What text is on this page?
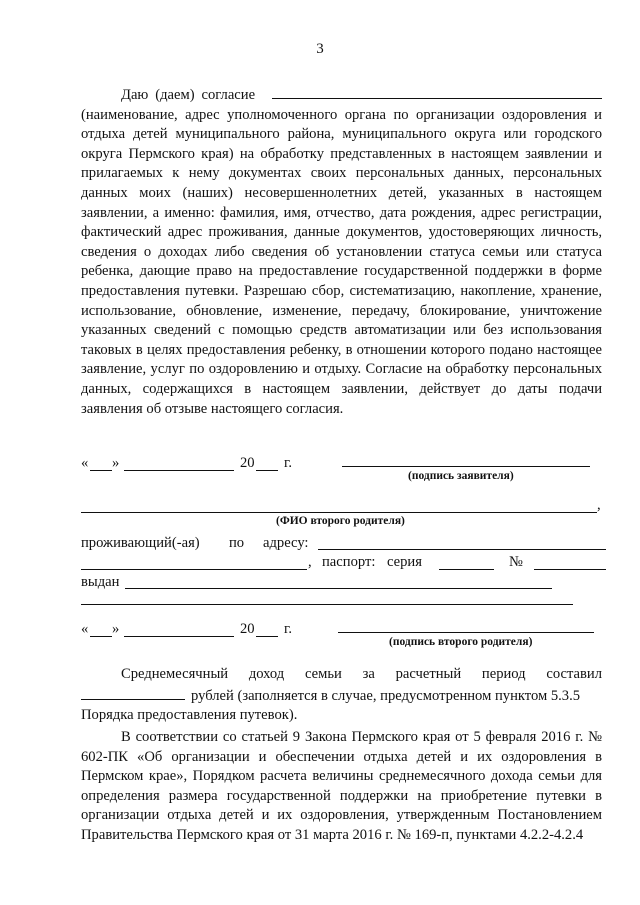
3

Даю (даем) согласие  (наименование, адрес уполномоченного органа по организации оздоровления и отдыха детей муниципального района, муниципального округа или городского округа Пермского края) на обработку представленных в настоящем заявлении и прилагаемых к нему документах своих персональных данных, персональных данных моих (наших) несовершеннолетних детей, указанных в настоящем заявлении, а именно: фамилия, имя, отчество, дата рождения, адрес регистрации, фактический адрес проживания, данные документов, удостоверяющих личность, сведения о доходах либо сведения об установлении статуса семьи или статуса ребенка, дающие право на предоставление государственной поддержки в форме предоставления путевки. Разрешаю сбор, систематизацию, накопление, хранение, использование, обновление, изменение, передачу, блокирование, уничтожение указанных сведений с помощью средств автоматизации или без использования таковых в целях предоставления ребенку, в отношении которого подано настоящее заявление, услуг по оздоровлению и отдыху. Согласие на обработку персональных данных, содержащихся в настоящем заявлении, действует до даты подачи заявления об отзыве настоящего согласия.

« »	20 г.
(подпись заявителя)
,
(ФИО второго родителя)
проживающий(-ая) по адресу:
, паспорт: серия	№
выдан
« »	20 г.
(подпись второго родителя)
Среднемесячный доход семьи за расчетный период составил
рублей (заполняется в случае, предусмотренном пунктом 5.3.5
Порядка предоставления путевок).

В соответствии со статьей 9 Закона Пермского края от 5 февраля 2016 г. № 602-ПК «Об организации и обеспечении отдыха детей и их оздоровления в Пермском крае», Порядком расчета величины среднемесячного дохода семьи для определения размера государственной поддержки на приобретение путевки в организации отдыха детей и их оздоровления, утвержденным Постановлением Правительства Пермского края от 31 марта 2016 г. № 169-п, пунктами 4.2.2-4.2.4
